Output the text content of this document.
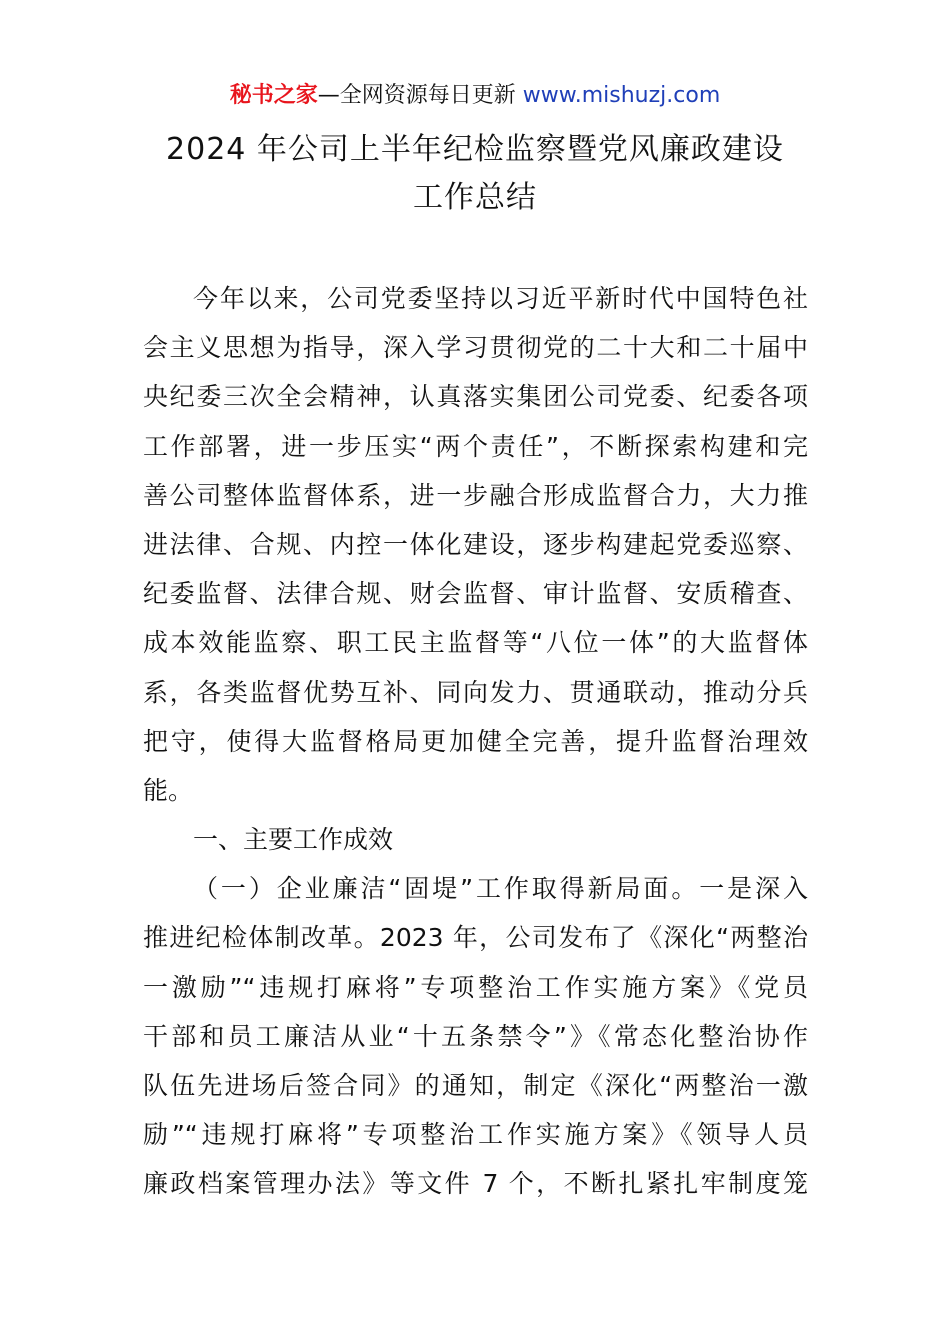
秘书之家—全网资源每日更新 www.mishuzj.com
2024 年公司上半年纪检监察暨党风廉政建设
工作总结
今年以来，公司党委坚持以习近平新时代中国特色社
会主义思想为指导，深入学习贯彻党的二十大和二十届中
央纪委三次全会精神，认真落实集团公司党委、纪委各项
工作部署，进一步压实“两个责任”，不断探索构建和完
善公司整体监督体系，进一步融合形成监督合力，大力推
进法律、合规、内控一体化建设，逐步构建起党委巡察、
纪委监督、法律合规、财会监督、审计监督、安质稽查、
成本效能监察、职工民主监督等“八位一体”的大监督体
系，各类监督优势互补、同向发力、贯通联动，推动分兵
把守，使得大监督格局更加健全完善，提升监督治理效
能。
一、主要工作成效
（一）企业廉洁“固堤”工作取得新局面。一是深入
推进纪检体制改革。2023 年，公司发布了《深化“两整治
一激励”“违规打麻将”专项整治工作实施方案》《党员
干部和员工廉洁从业“十五条禁令”》《常态化整治协作
队伍先进场后签合同》的通知，制定《深化“两整治一激
励”“违规打麻将”专项整治工作实施方案》《领导人员
廉政档案管理办法》等文件 7 个，不断扎紧扎牢制度笼
